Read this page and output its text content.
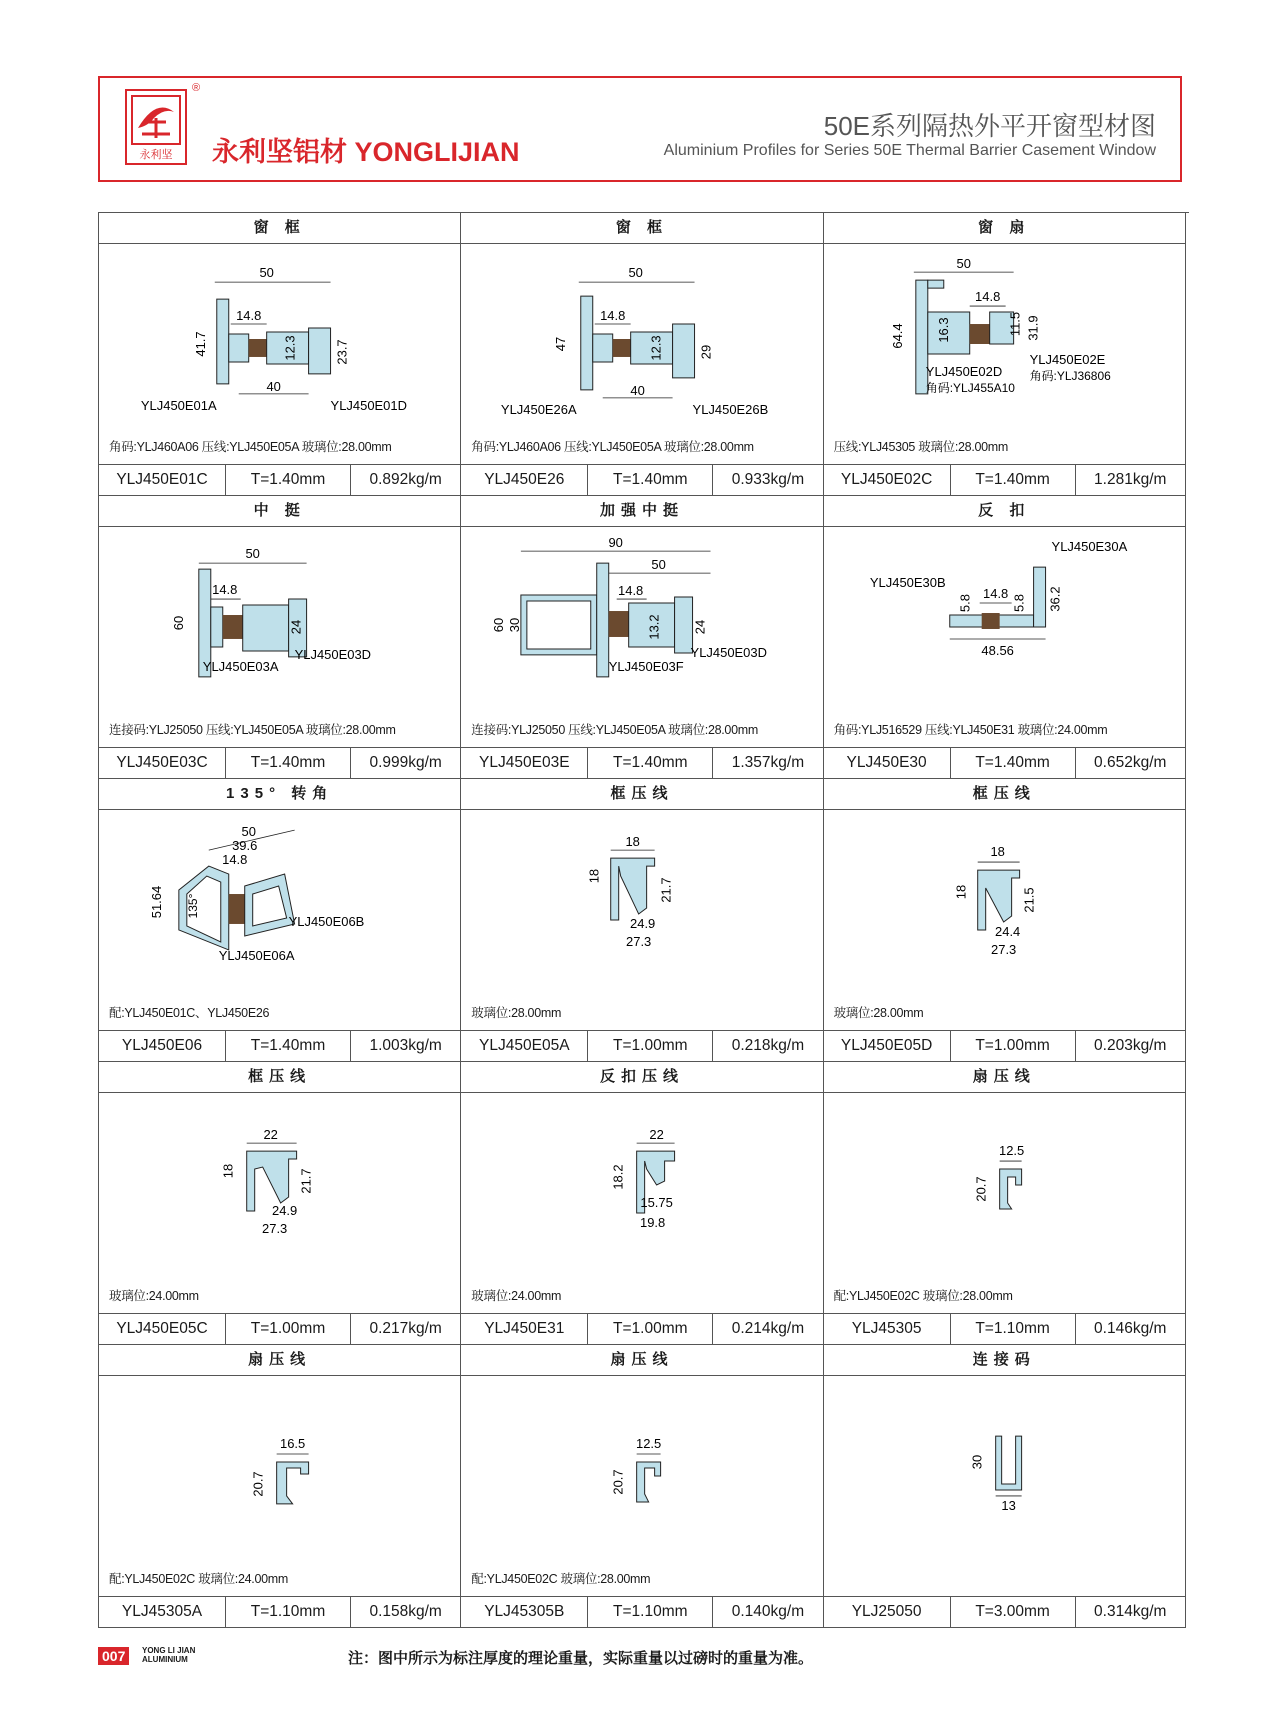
永利坚
®
永利坚铝材 YONGLIJIAN
50E系列隔热外平开窗型材图
Aluminium Profiles for Series 50E Thermal Barrier Casement Window
窗 框
50
14.8
40
41.7	12.3	23.7
YLJ450E01A	YLJ450E01D
角码:YLJ460A06 压线:YLJ450E05A 玻璃位:28.00mm
YLJ450E01C	T=1.40mm	0.892kg/m
窗 框
50
14.8
40
47	12.3	29
YLJ450E26A	YLJ450E26B
角码:YLJ460A06 压线:YLJ450E05A 玻璃位:28.00mm
YLJ450E26	T=1.40mm	0.933kg/m
窗 扇
50
14.8
64.4 16.3	11.5 31.9
YLJ450E02D
YLJ450E02E
角码:YLJ455A10
角码:YLJ36806
压线:YLJ45305 玻璃位:28.00mm
YLJ450E02C	T=1.40mm	1.281kg/m
中 挺
50
14.8
60	24
YLJ450E03A
YLJ450E03D
连接码:YLJ25050 压线:YLJ450E05A 玻璃位:28.00mm
YLJ450E03C	T=1.40mm	0.999kg/m
加强中挺
90
50
14.8
60 30	13.2 24
YLJ450E03F
YLJ450E03D
连接码:YLJ25050 压线:YLJ450E05A 玻璃位:28.00mm
YLJ450E03E	T=1.40mm	1.357kg/m
反 扣
14.8
5.8	5.8 36.2
48.56
YLJ450E30B
YLJ450E30A
角码:YLJ516529 压线:YLJ450E31 玻璃位:24.00mm
YLJ450E30	T=1.40mm	0.652kg/m
135° 转角
50
39.6
14.8
51.64 135°
YLJ450E06B
YLJ450E06A
配:YLJ450E01C、YLJ450E26
YLJ450E06	T=1.40mm	1.003kg/m
框压线
18
18
21.7
24.9
27.3
玻璃位:28.00mm
YLJ450E05A	T=1.00mm	0.218kg/m
框压线
18
18	21.5
24.4
27.3
玻璃位:28.00mm
YLJ450E05D	T=1.00mm	0.203kg/m
框压线
22
18	21.7
24.9
27.3
玻璃位:24.00mm
YLJ450E05C	T=1.00mm	0.217kg/m
反扣压线
22
18.2
15.75
19.8
玻璃位:24.00mm
YLJ450E31	T=1.00mm	0.214kg/m
扇压线
12.5
20.7
配:YLJ450E02C 玻璃位:28.00mm
YLJ45305	T=1.10mm	0.146kg/m
扇压线
16.5
20.7
配:YLJ450E02C 玻璃位:24.00mm
YLJ45305A	T=1.10mm	0.158kg/m
扇压线
12.5
20.7
配:YLJ450E02C 玻璃位:28.00mm
YLJ45305B	T=1.10mm	0.140kg/m
连接码
30
13
YLJ25050	T=3.00mm	0.314kg/m
007	YONG LI JIAN
ALUMINIUM	注：图中所示为标注厚度的理论重量，实际重量以过磅时的重量为准。
